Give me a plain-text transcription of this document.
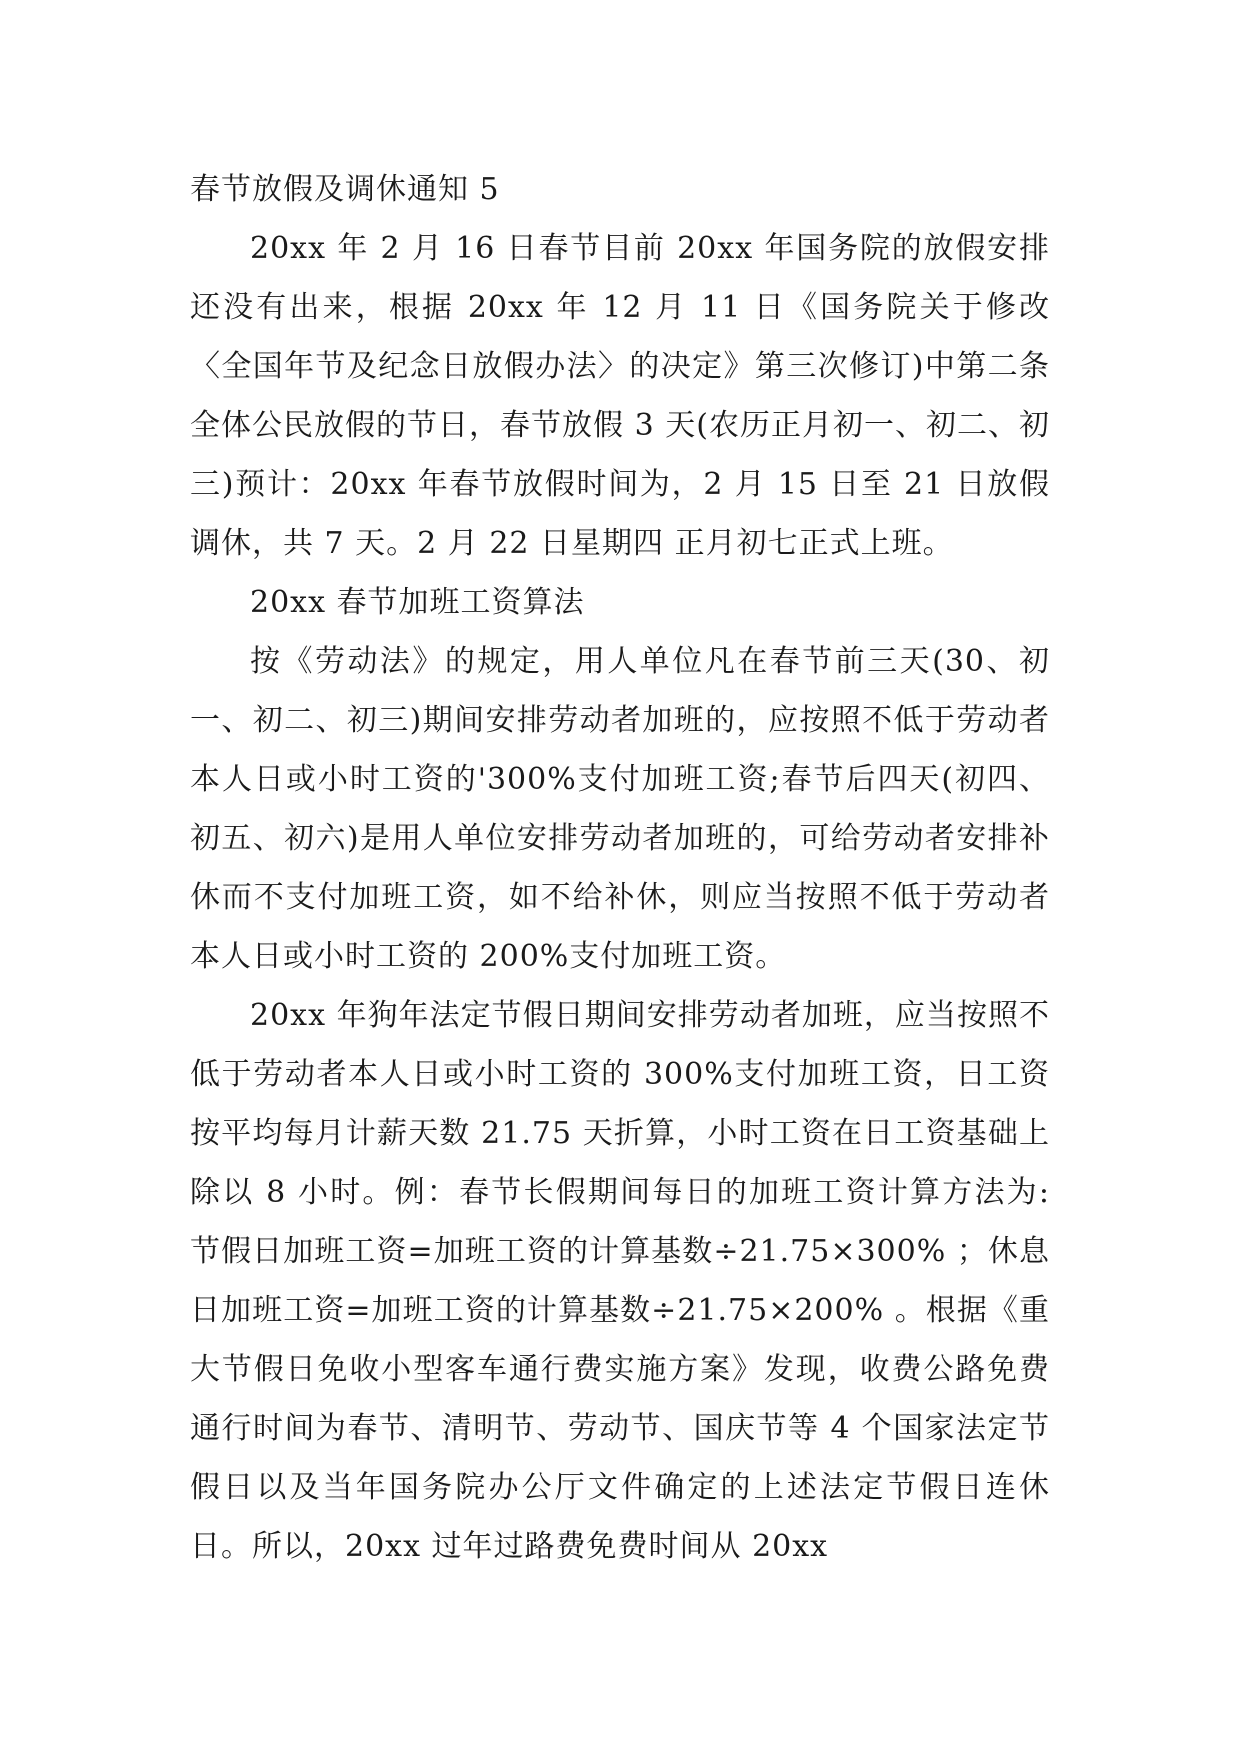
春节放假及调休通知 5

20xx 年 2 月 16 日春节目前 20xx 年国务院的放假安排还没有出来，根据 20xx 年 12 月 11 日《国务院关于修改〈全国年节及纪念日放假办法〉的决定》第三次修订)中第二条全体公民放假的节日，春节放假 3 天(农历正月初一、初二、初三)预计：20xx 年春节放假时间为，2 月 15 日至 21 日放假调休，共 7 天。2 月 22 日星期四 正月初七正式上班。

20xx 春节加班工资算法

按《劳动法》的规定，用人单位凡在春节前三天(30、初一、初二、初三)期间安排劳动者加班的，应按照不低于劳动者本人日或小时工资的'300%支付加班工资;春节后四天(初四、初五、初六)是用人单位安排劳动者加班的，可给劳动者安排补休而不支付加班工资，如不给补休，则应当按照不低于劳动者本人日或小时工资的 200%支付加班工资。

20xx 年狗年法定节假日期间安排劳动者加班，应当按照不低于劳动者本人日或小时工资的 300%支付加班工资，日工资按平均每月计薪天数 21.75 天折算，小时工资在日工资基础上除以 8 小时。例：春节长假期间每日的加班工资计算方法为: 节假日加班工资=加班工资的计算基数÷21.75×300% ；休息日加班工资=加班工资的计算基数÷21.75×200% 。根据《重大节假日免收小型客车通行费实施方案》发现，收费公路免费通行时间为春节、清明节、劳动节、国庆节等 4 个国家法定节假日以及当年国务院办公厅文件确定的上述法定节假日连休日。所以，20xx 过年过路费免费时间从 20xx
